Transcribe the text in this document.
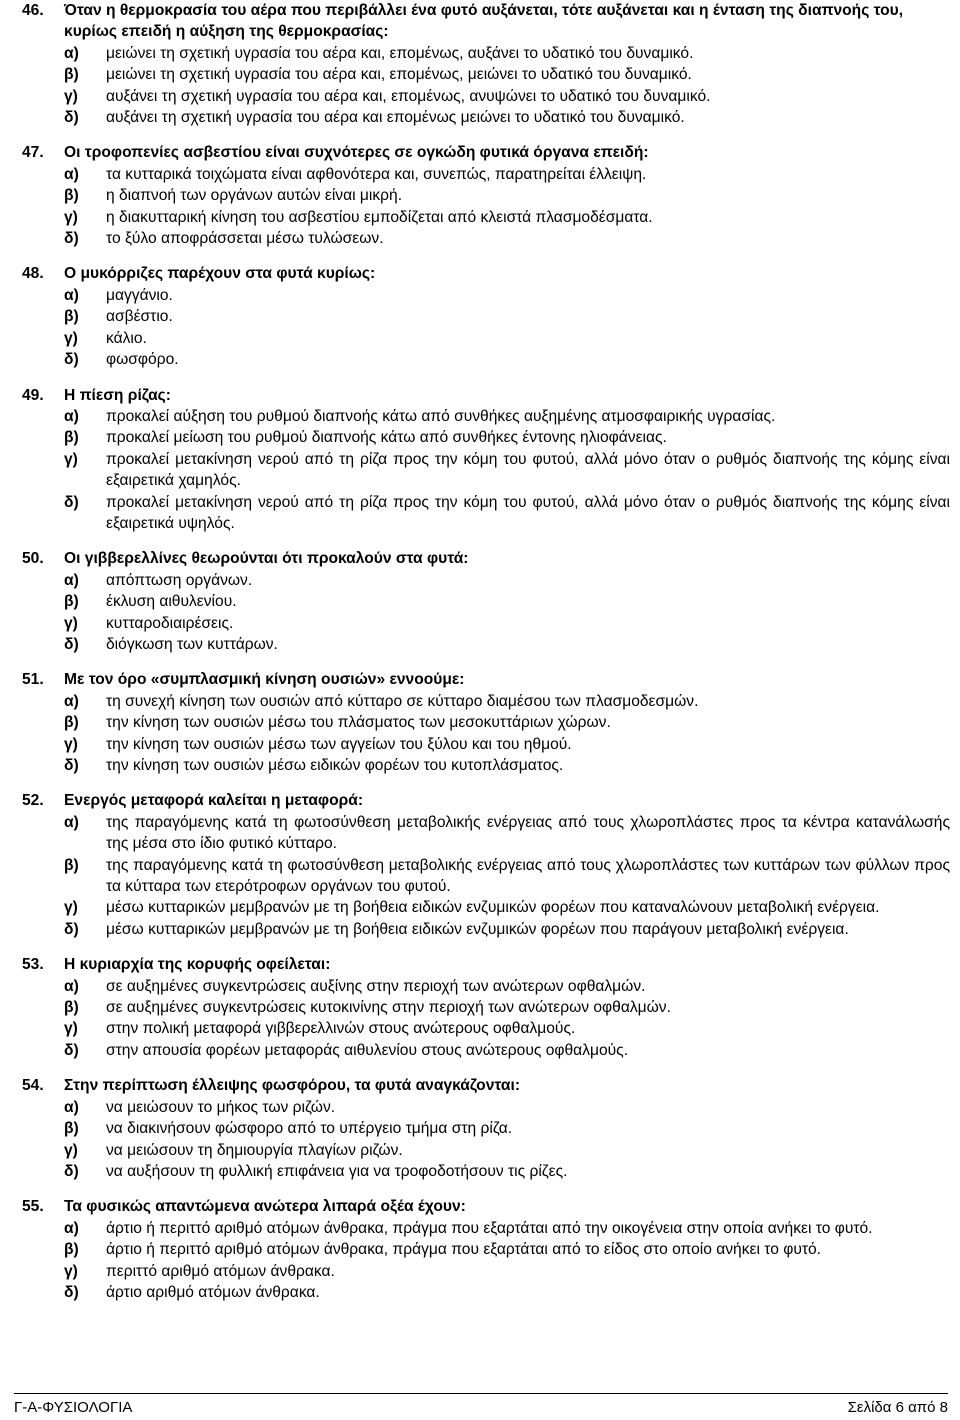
46.	Όταν η θερμοκρασία του αέρα που περιβάλλει ένα φυτό αυξάνεται, τότε αυξάνεται και η ένταση της διαπνοής του, κυρίως επειδή η αύξηση της θερμοκρασίας:
α)	μειώνει τη σχετική υγρασία του αέρα και, επομένως, αυξάνει το υδατικό του δυναμικό.
β)	μειώνει τη σχετική υγρασία του αέρα και, επομένως, μειώνει το υδατικό του δυναμικό.
γ)	αυξάνει τη σχετική υγρασία του αέρα και, επομένως, ανυψώνει το υδατικό του δυναμικό.
δ)	αυξάνει τη σχετική υγρασία του αέρα και επομένως μειώνει το υδατικό του δυναμικό.
47.	Οι τροφοπενίες ασβεστίου είναι συχνότερες σε ογκώδη φυτικά όργανα επειδή:
α)	τα κυτταρικά τοιχώματα είναι αφθονότερα και, συνεπώς, παρατηρείται έλλειψη.
β)	η διαπνοή των οργάνων αυτών είναι μικρή.
γ)	η διακυτταρική κίνηση του ασβεστίου εμποδίζεται από κλειστά πλασμοδέσματα.
δ)	το ξύλο αποφράσσεται μέσω τυλώσεων.
48.	Ο μυκόρριζες παρέχουν στα φυτά κυρίως:
α)	μαγγάνιο.
β)	ασβέστιο.
γ)	κάλιο.
δ)	φωσφόρο.
49.	Η πίεση ρίζας:
α)	προκαλεί αύξηση του ρυθμού διαπνοής κάτω από συνθήκες αυξημένης ατμοσφαιρικής υγρασίας.
β)	προκαλεί μείωση του ρυθμού διαπνοής κάτω από συνθήκες έντονης ηλιοφάνειας.
γ)	προκαλεί μετακίνηση νερού από τη ρίζα προς την κόμη του φυτού, αλλά μόνο όταν ο ρυθμός διαπνοής της κόμης είναι εξαιρετικά χαμηλός.
δ)	προκαλεί μετακίνηση νερού από τη ρίζα προς την κόμη του φυτού, αλλά μόνο όταν ο ρυθμός διαπνοής της κόμης είναι εξαιρετικά υψηλός.
50.	Οι γιββερελλίνες θεωρούνται ότι προκαλούν στα φυτά:
α)	απόπτωση οργάνων.
β)	έκλυση αιθυλενίου.
γ)	κυτταροδιαιρέσεις.
δ)	διόγκωση των κυττάρων.
51.	Με τον όρο «συμπλασμική κίνηση ουσιών» εννοούμε:
α)	τη συνεχή κίνηση των ουσιών από κύτταρο σε κύτταρο διαμέσου των πλασμοδεσμών.
β)	την κίνηση των ουσιών μέσω του πλάσματος των μεσοκυττάριων χώρων.
γ)	την κίνηση των ουσιών μέσω των αγγείων του ξύλου και του ηθμού.
δ)	την κίνηση των ουσιών μέσω ειδικών φορέων του κυτοπλάσματος.
52.	Ενεργός μεταφορά καλείται η μεταφορά:
α)	της παραγόμενης κατά τη φωτοσύνθεση μεταβολικής ενέργειας από τους χλωροπλάστες προς τα κέντρα κατανάλωσής της μέσα στο ίδιο φυτικό κύτταρο.
β)	της παραγόμενης κατά τη φωτοσύνθεση μεταβολικής ενέργειας από τους χλωροπλάστες των κυττάρων των φύλλων προς τα κύτταρα των ετερότροφων οργάνων του φυτού.
γ)	μέσω κυτταρικών μεμβρανών με τη βοήθεια ειδικών ενζυμικών φορέων που καταναλώνουν μεταβολική ενέργεια.
δ)	μέσω κυτταρικών μεμβρανών με τη βοήθεια ειδικών ενζυμικών φορέων που παράγουν μεταβολική ενέργεια.
53.	Η κυριαρχία της κορυφής οφείλεται:
α)	σε αυξημένες συγκεντρώσεις αυξίνης στην περιοχή των ανώτερων οφθαλμών.
β)	σε αυξημένες συγκεντρώσεις κυτοκινίνης στην περιοχή των ανώτερων οφθαλμών.
γ)	στην πολική μεταφορά γιββερελλινών στους ανώτερους οφθαλμούς.
δ)	στην απουσία φορέων μεταφοράς αιθυλενίου στους ανώτερους οφθαλμούς.
54.	Στην περίπτωση έλλειψης φωσφόρου, τα φυτά αναγκάζονται:
α)	να μειώσουν το μήκος των ριζών.
β)	να διακινήσουν φώσφορο από το υπέργειο τμήμα στη ρίζα.
γ)	να μειώσουν τη δημιουργία πλαγίων ριζών.
δ)	να αυξήσουν τη φυλλική επιφάνεια για να τροφοδοτήσουν τις ρίζες.
55.	Τα φυσικώς απαντώμενα ανώτερα λιπαρά οξέα έχουν:
α)	άρτιο ή περιττό αριθμό ατόμων άνθρακα, πράγμα που εξαρτάται από την οικογένεια στην οποία ανήκει το φυτό.
β)	άρτιο ή περιττό αριθμό ατόμων άνθρακα, πράγμα που εξαρτάται από το είδος στο οποίο ανήκει το φυτό.
γ)	περιττό αριθμό ατόμων άνθρακα.
δ)	άρτιο αριθμό ατόμων άνθρακα.
Γ-Α-ΦΥΣΙΟΛΟΓΙΑ	Σελίδα 6 από 8
